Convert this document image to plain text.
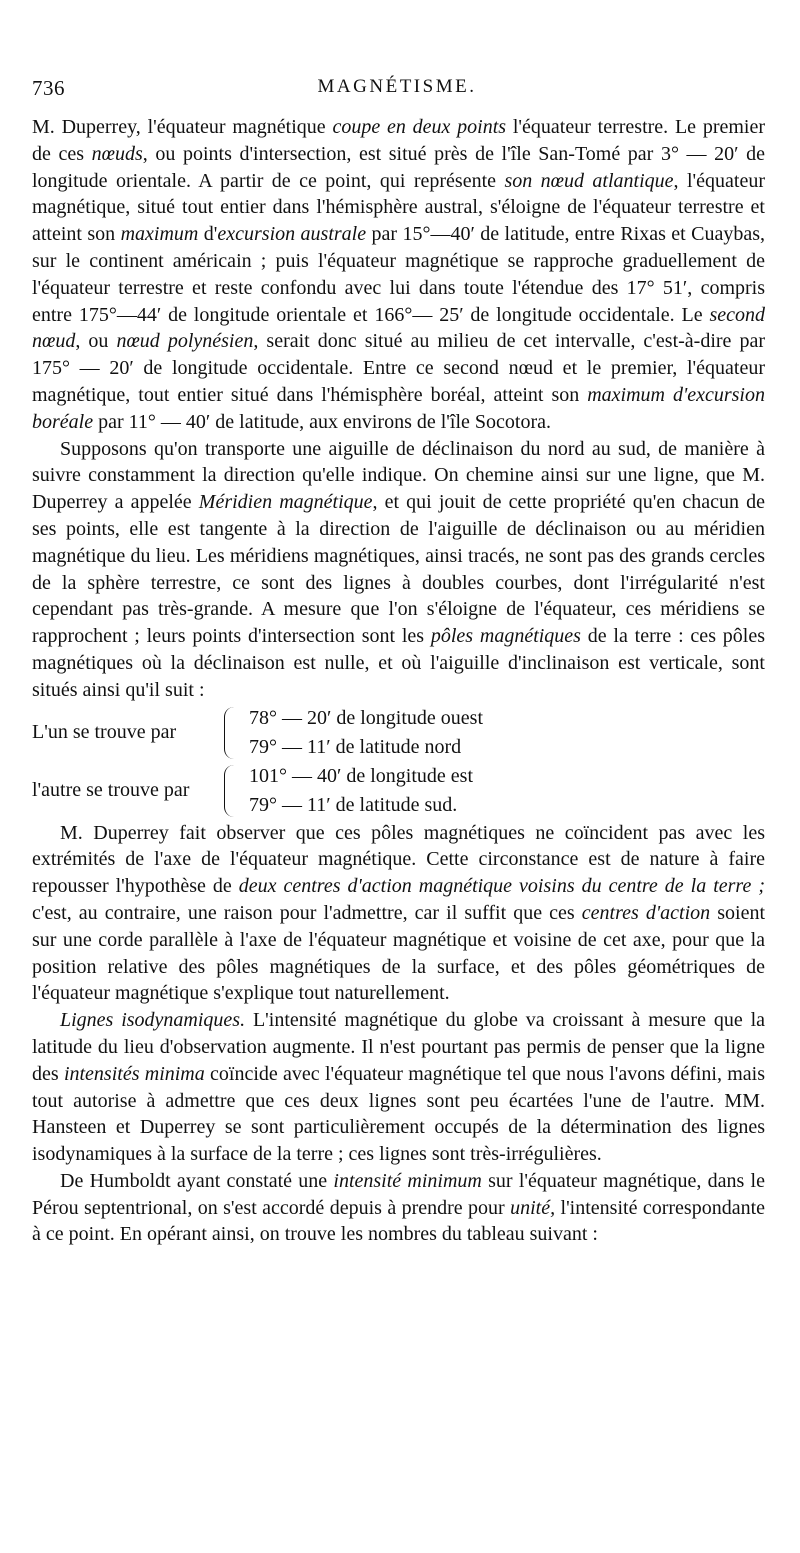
736	MAGNÉTISME.

M. Duperrey, l'équateur magnétique coupe en deux points l'équateur terrestre. Le premier de ces nœuds, ou points d'intersection, est situé près de l'île San-Tomé par 3° — 20′ de longitude orientale. A partir de ce point, qui représente son nœud atlantique, l'équateur magnétique, situé tout entier dans l'hémisphère austral, s'éloigne de l'équateur terrestre et atteint son maximum d'excursion australe par 15°—40′ de latitude, entre Rixas et Cuaybas, sur le continent américain ; puis l'équateur magnétique se rapproche graduellement de l'équateur terrestre et reste confondu avec lui dans toute l'étendue des 17° 51′, compris entre 175°—44′ de longitude orientale et 166°— 25′ de longitude occidentale. Le second nœud, ou nœud polynésien, serait donc situé au milieu de cet intervalle, c'est-à-dire par 175° — 20′ de longitude occidentale. Entre ce second nœud et le premier, l'équateur magnétique, tout entier situé dans l'hémisphère boréal, atteint son maximum d'excursion boréale par 11° — 40′ de latitude, aux environs de l'île Socotora.

Supposons qu'on transporte une aiguille de déclinaison du nord au sud, de manière à suivre constamment la direction qu'elle indique. On chemine ainsi sur une ligne, que M. Duperrey a appelée Méridien magnétique, et qui jouit de cette propriété qu'en chacun de ses points, elle est tangente à la direction de l'aiguille de déclinaison ou au méridien magnétique du lieu. Les méridiens magnétiques, ainsi tracés, ne sont pas des grands cercles de la sphère terrestre, ce sont des lignes à doubles courbes, dont l'irrégularité n'est cependant pas très-grande. A mesure que l'on s'éloigne de l'équateur, ces méridiens se rapprochent ; leurs points d'intersection sont les pôles magnétiques de la terre : ces pôles magnétiques où la déclinaison est nulle, et où l'aiguille d'inclinaison est verticale, sont situés ainsi qu'il suit :

L'un se trouve par
78° — 20′ de longitude ouest
79° — 11′ de latitude nord
l'autre se trouve par
101° — 40′ de longitude est
79° — 11′ de latitude sud.

M. Duperrey fait observer que ces pôles magnétiques ne coïncident pas avec les extrémités de l'axe de l'équateur magnétique. Cette circonstance est de nature à faire repousser l'hypothèse de deux centres d'action magnétique voisins du centre de la terre ; c'est, au contraire, une raison pour l'admettre, car il suffit que ces centres d'action soient sur une corde parallèle à l'axe de l'équateur magnétique et voisine de cet axe, pour que la position relative des pôles magnétiques de la surface, et des pôles géométriques de l'équateur magnétique s'explique tout naturellement.

Lignes isodynamiques. L'intensité magnétique du globe va croissant à mesure que la latitude du lieu d'observation augmente. Il n'est pourtant pas permis de penser que la ligne des intensités minima coïncide avec l'équateur magnétique tel que nous l'avons défini, mais tout autorise à admettre que ces deux lignes sont peu écartées l'une de l'autre. MM. Hansteen et Duperrey se sont particulièrement occupés de la détermination des lignes isodynamiques à la surface de la terre ; ces lignes sont très-irrégulières.

De Humboldt ayant constaté une intensité minimum sur l'équateur magnétique, dans le Pérou septentrional, on s'est accordé depuis à prendre pour unité, l'intensité correspondante à ce point. En opérant ainsi, on trouve les nombres du tableau suivant :
